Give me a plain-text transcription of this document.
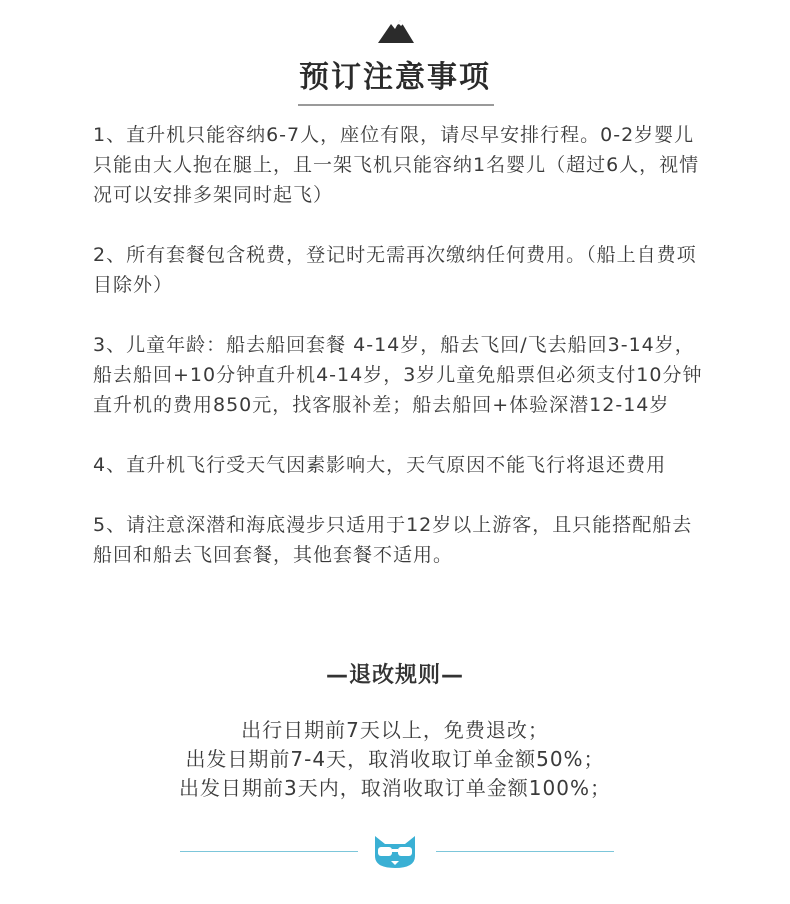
预订注意事项
1、直升机只能容纳6-7人，座位有限，请尽早安排行程。0-2岁婴儿只能由大人抱在腿上，且一架飞机只能容纳1名婴儿（超过6人，视情况可以安排多架同时起飞）
2、所有套餐包含税费，登记时无需再次缴纳任何费用。（船上自费项目除外）
3、儿童年龄：船去船回套餐 4-14岁，船去飞回/飞去船回3-14岁，船去船回+10分钟直升机4-14岁，3岁儿童免船票但必须支付10分钟直升机的费用850元，找客服补差；船去船回+体验深潜12-14岁
4、直升机飞行受天气因素影响大，天气原因不能飞行将退还费用
5、请注意深潜和海底漫步只适用于12岁以上游客，且只能搭配船去船回和船去飞回套餐，其他套餐不适用。
—退改规则—
出行日期前7天以上，免费退改；
出发日期前7-4天，取消收取订单金额50%；
出发日期前3天内，取消收取订单金额100%；
